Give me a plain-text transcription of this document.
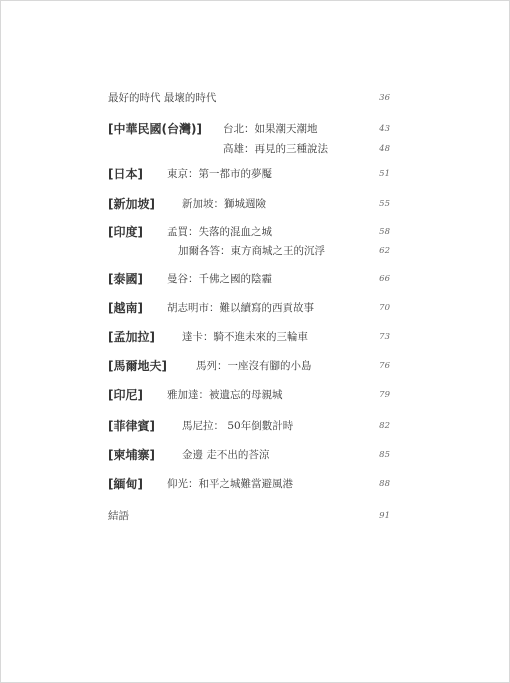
最好的時代 最壞的時代	36
[中華民國(台灣)] 台北：如果潮天潮地	43
高雄：再見的三種說法	48
[日本] 東京：第一都市的夢魘	51
[新加坡]	新加坡：獅城週險	55
[印度] 孟買：失落的混血之城	58
加爾各答：東方商城之王的沉浮	62
[泰國] 曼谷：千佛之國的陰霾	66
[越南] 胡志明市：難以續寫的西貢故事	70
[孟加拉]	達卡：騎不進未來的三輪車	73
[馬爾地夫]	馬列：一座沒有腳的小島	76
[印尼] 雅加達：被遺忘的母親城	79
[菲律賓]	馬尼拉： 50年倒數計時	82
[柬埔寨]	金邊 走不出的荅涼	85
[緬甸] 仰光：和平之城難當避風港	88
結語	91
